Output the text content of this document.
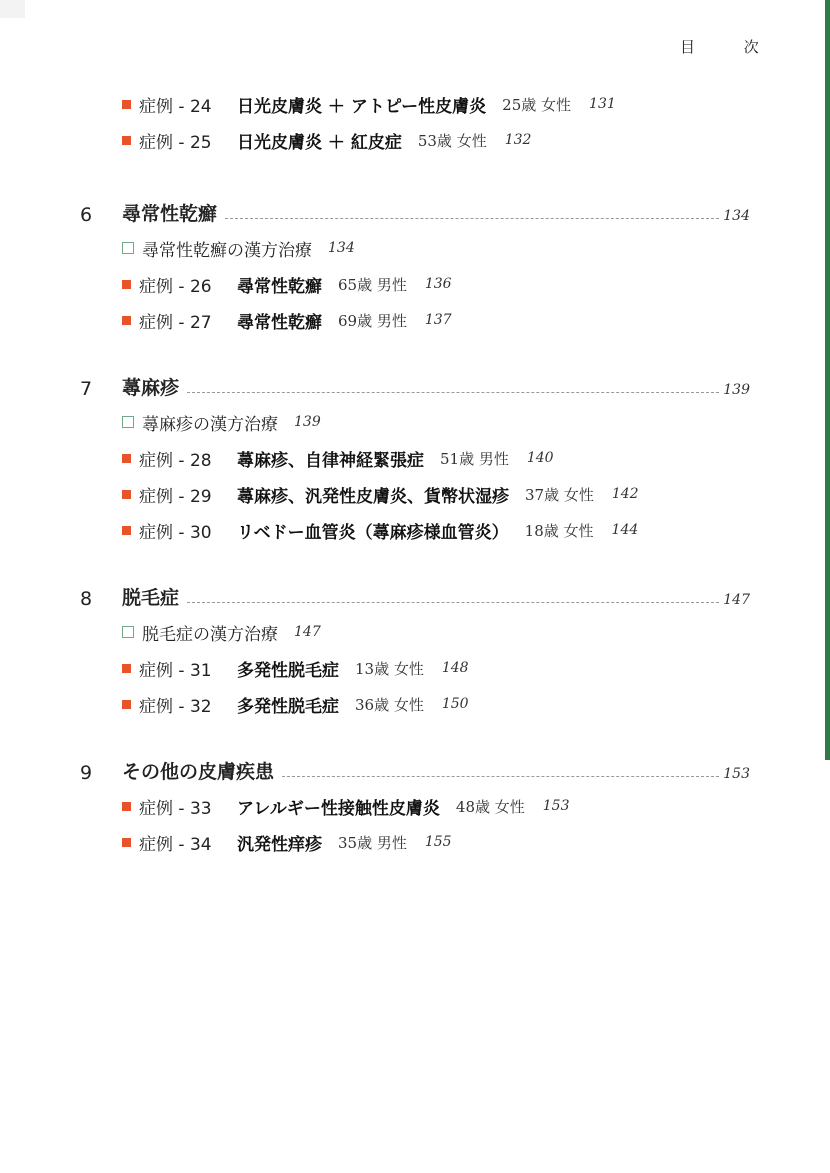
目 次
症例 - 24	日光皮膚炎 ＋ アトピー性皮膚炎 25歳 女性 131
症例 - 25	日光皮膚炎 ＋ 紅皮症 53歳 女性 132
6	尋常性乾癬	134
尋常性乾癬の漢方治療 134
症例 - 26	尋常性乾癬 65歳 男性 136
症例 - 27	尋常性乾癬 69歳 男性 137
7	蕁麻疹	139
蕁麻疹の漢方治療 139
症例 - 28	蕁麻疹、自律神経緊張症 51歳 男性 140
症例 - 29	蕁麻疹、汎発性皮膚炎、貨幣状湿疹 37歳 女性 142
症例 - 30	リベドー血管炎（蕁麻疹様血管炎） 18歳 女性 144
8	脱毛症	147
脱毛症の漢方治療 147
症例 - 31	多発性脱毛症 13歳 女性 148
症例 - 32	多発性脱毛症 36歳 女性 150
9	その他の皮膚疾患	153
症例 - 33	アレルギー性接触性皮膚炎 48歳 女性 153
症例 - 34	汎発性痒疹 35歳 男性 155
